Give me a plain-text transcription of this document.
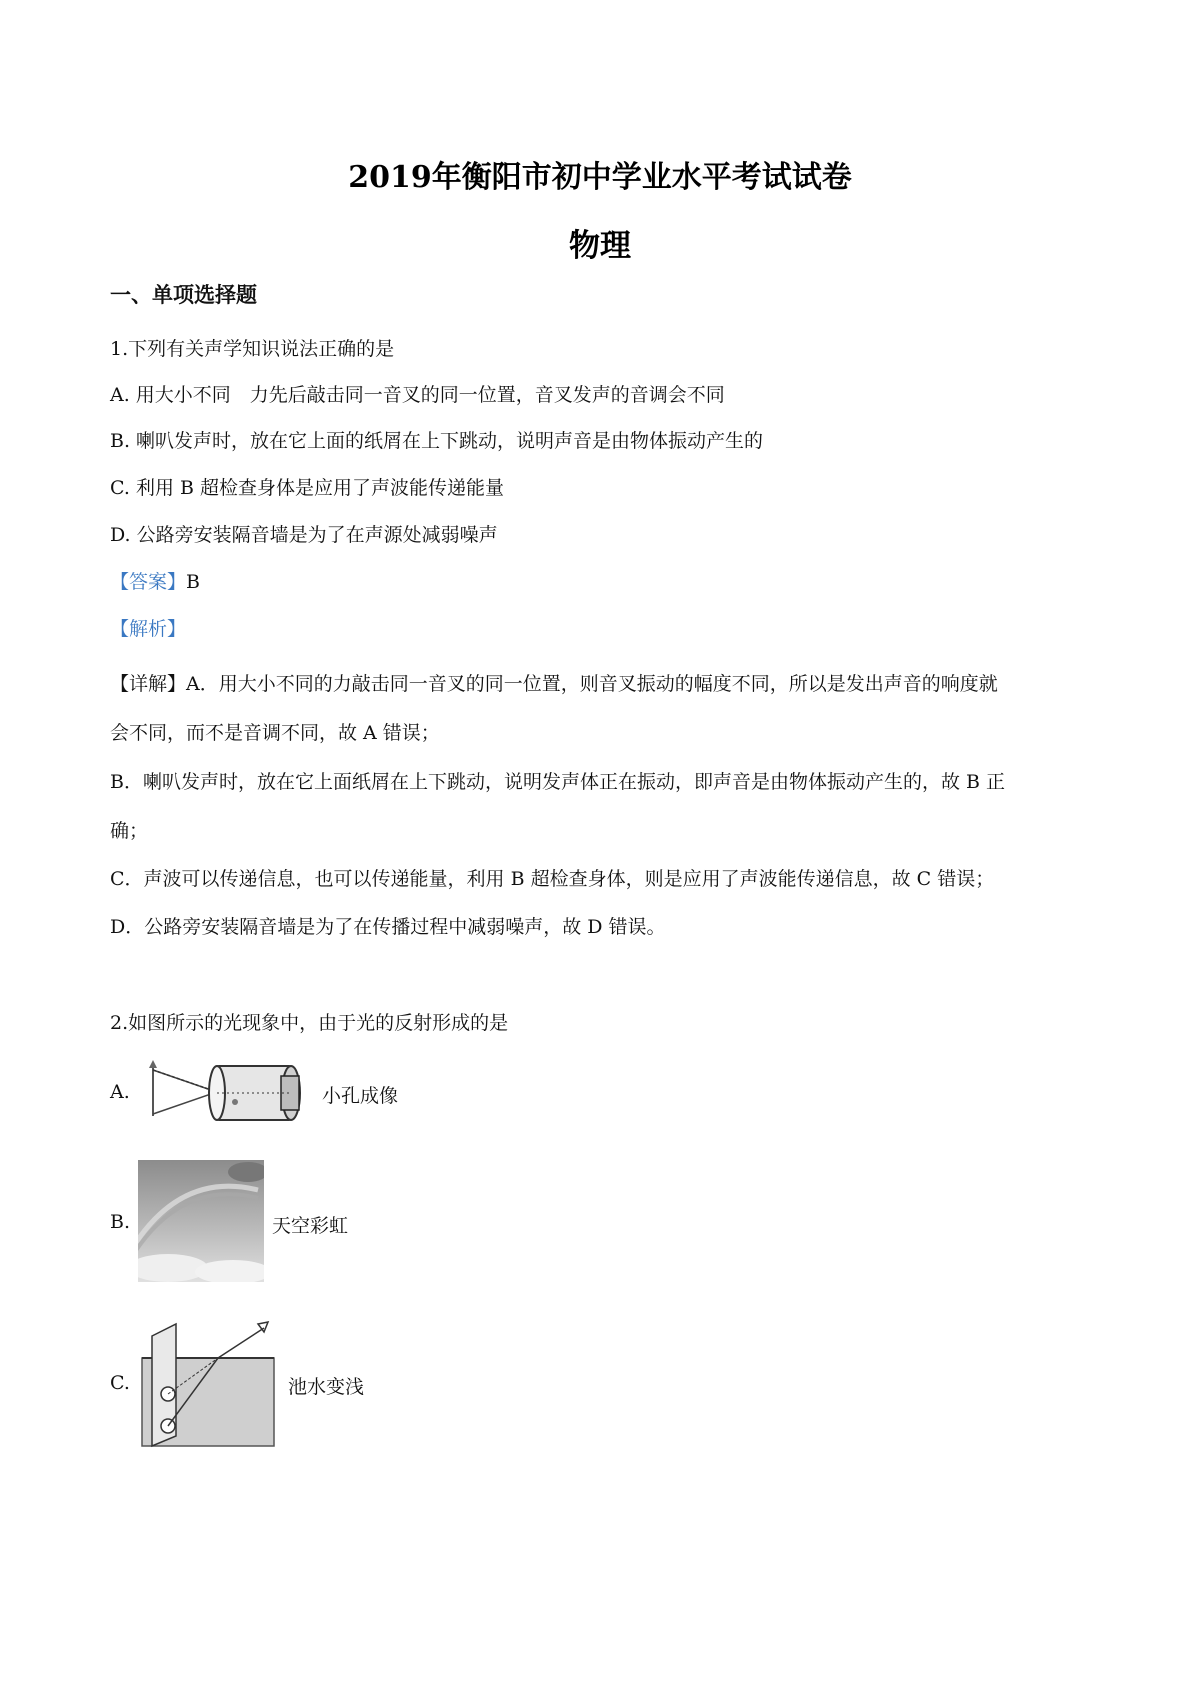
2019年衡阳市初中学业水平考试试卷
物理
一、单项选择题
1.下列有关声学知识说法正确的是
A. 用大小不同　力先后敲击同一音叉的同一位置，音叉发声的音调会不同
B. 喇叭发声时，放在它上面的纸屑在上下跳动，说明声音是由物体振动产生的
C. 利用 B 超检查身体是应用了声波能传递能量
D. 公路旁安装隔音墙是为了在声源处减弱噪声
【答案】B
【解析】
【详解】A．用大小不同的力敲击同一音叉的同一位置，则音叉振动的幅度不同，所以是发出声音的响度就
会不同，而不是音调不同，故 A 错误；
B．喇叭发声时，放在它上面纸屑在上下跳动，说明发声体正在振动，即声音是由物体振动产生的，故 B 正
确；
C．声波可以传递信息，也可以传递能量，利用 B 超检查身体，则是应用了声波能传递信息，故 C 错误；
D．公路旁安装隔音墙是为了在传播过程中减弱噪声，故 D 错误。
2.如图所示的光现象中，由于光的反射形成的是
A.	小孔成像
B.	天空彩虹
C.	池水变浅
